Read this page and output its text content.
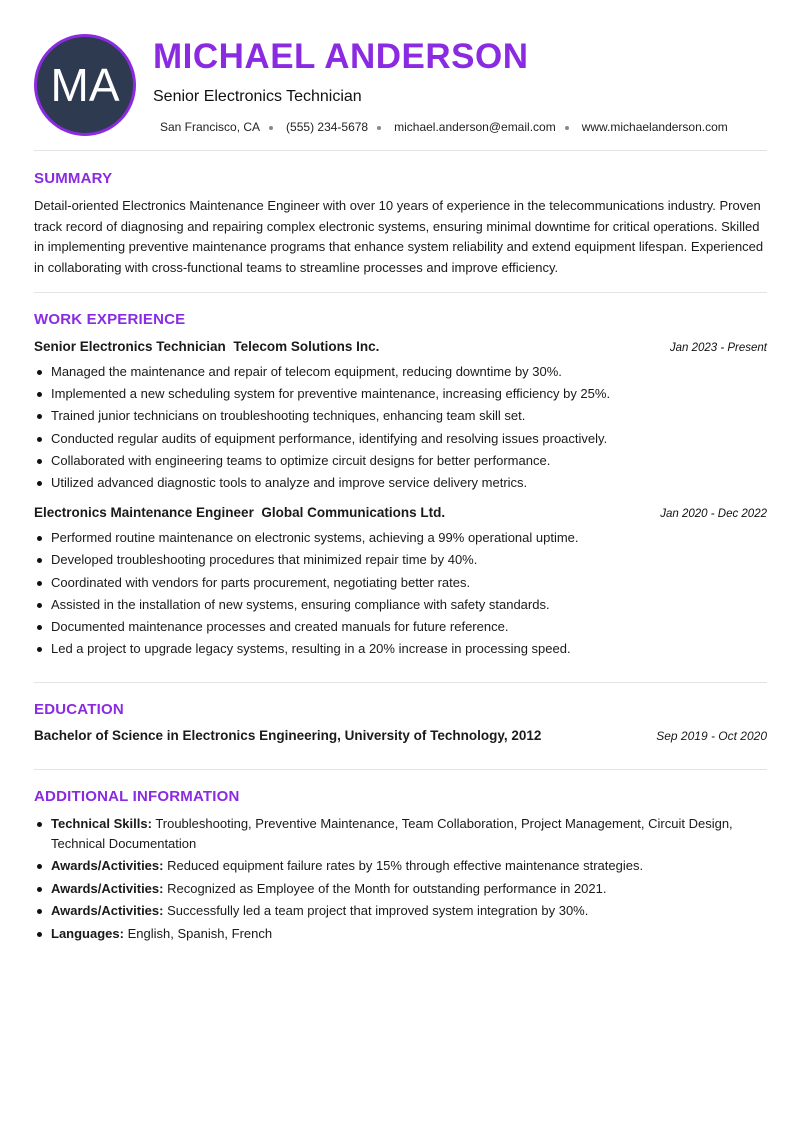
MA
MICHAEL ANDERSON
Senior Electronics Technician
San Francisco, CA (555) 234-5678 michael.anderson@email.com www.michaelanderson.com
SUMMARY

Detail-oriented Electronics Maintenance Engineer with over 10 years of experience in the telecommunications industry. Proven track record of diagnosing and repairing complex electronic systems, ensuring minimal downtime for critical operations. Skilled in implementing preventive maintenance programs that enhance system reliability and extend equipment lifespan. Experienced in collaborating with cross-functional teams to streamline processes and improve efficiency.

WORK EXPERIENCE
Senior Electronics Technician Telecom Solutions Inc.	Jan 2023 - Present
Managed the maintenance and repair of telecom equipment, reducing downtime by 30%.
Implemented a new scheduling system for preventive maintenance, increasing efficiency by 25%.
Trained junior technicians on troubleshooting techniques, enhancing team skill set.
Conducted regular audits of equipment performance, identifying and resolving issues proactively.
Collaborated with engineering teams to optimize circuit designs for better performance.
Utilized advanced diagnostic tools to analyze and improve service delivery metrics.
Electronics Maintenance Engineer Global Communications Ltd.	Jan 2020 - Dec 2022
Performed routine maintenance on electronic systems, achieving a 99% operational uptime.
Developed troubleshooting procedures that minimized repair time by 40%.
Coordinated with vendors for parts procurement, negotiating better rates.
Assisted in the installation of new systems, ensuring compliance with safety standards.
Documented maintenance processes and created manuals for future reference.
Led a project to upgrade legacy systems, resulting in a 20% increase in processing speed.
EDUCATION
Bachelor of Science in Electronics Engineering, University of Technology, 2012	Sep 2019 - Oct 2020
ADDITIONAL INFORMATION
Technical Skills: Troubleshooting, Preventive Maintenance, Team Collaboration, Project Management, Circuit Design, Technical Documentation
Awards/Activities: Reduced equipment failure rates by 15% through effective maintenance strategies.
Awards/Activities: Recognized as Employee of the Month for outstanding performance in 2021.
Awards/Activities: Successfully led a team project that improved system integration by 30%.
Languages: English, Spanish, French
